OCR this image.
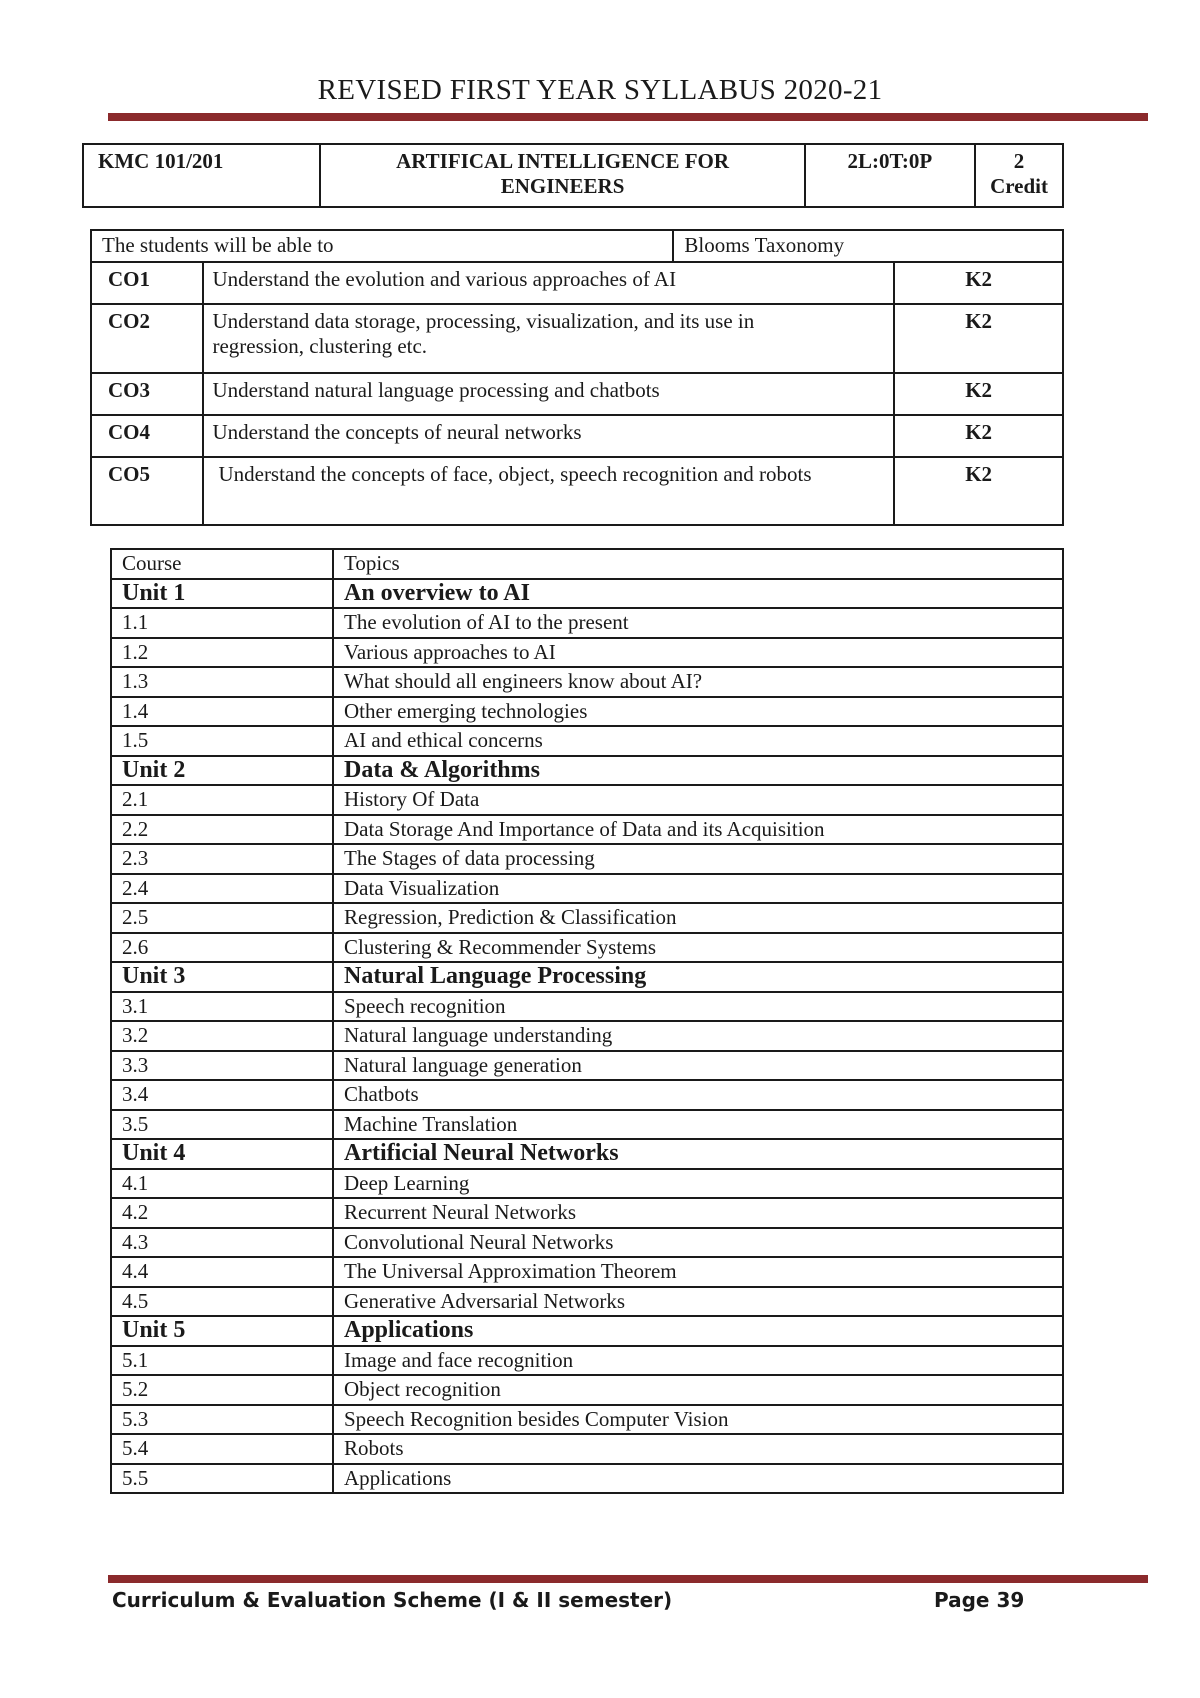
REVISED FIRST YEAR SYLLABUS 2020-21
KMC 101/201	ARTIFICAL INTELLIGENCE FOR ENGINEERS	2L:0T:0P	2 Credit
The students will be able to		Blooms Taxonomy	
CO1	Understand the evolution and various approaches of AI		K2
CO2	Understand data storage, processing, visualization, and its use in regression, clustering etc.		K2
CO3	Understand natural language processing and chatbots		K2
CO4	Understand the concepts of neural networks		K2
CO5	Understand the concepts of face, object, speech recognition and robots		K2

Course	Topics
Unit 1	An overview to AI
1.1	The evolution of AI to the present
1.2	Various approaches to AI
1.3	What should all engineers know about AI?
1.4	Other emerging technologies
1.5	AI and ethical concerns
Unit 2	Data & Algorithms
2.1	History Of Data
2.2	Data Storage And Importance of Data and its Acquisition
2.3	The Stages of data processing
2.4	Data Visualization
2.5	Regression, Prediction & Classification
2.6	Clustering & Recommender Systems
Unit 3	Natural Language Processing
3.1	Speech recognition
3.2	Natural language understanding
3.3	Natural language generation
3.4	Chatbots
3.5	Machine Translation
Unit 4	Artificial Neural Networks
4.1	Deep Learning
4.2	Recurrent Neural Networks
4.3	Convolutional Neural Networks
4.4	The Universal Approximation Theorem
4.5	Generative Adversarial Networks
Unit 5	Applications
5.1	Image and face recognition
5.2	Object recognition
5.3	Speech Recognition besides Computer Vision
5.4	Robots
5.5	Applications
Curriculum & Evaluation Scheme (I & II semester)	Page 39
